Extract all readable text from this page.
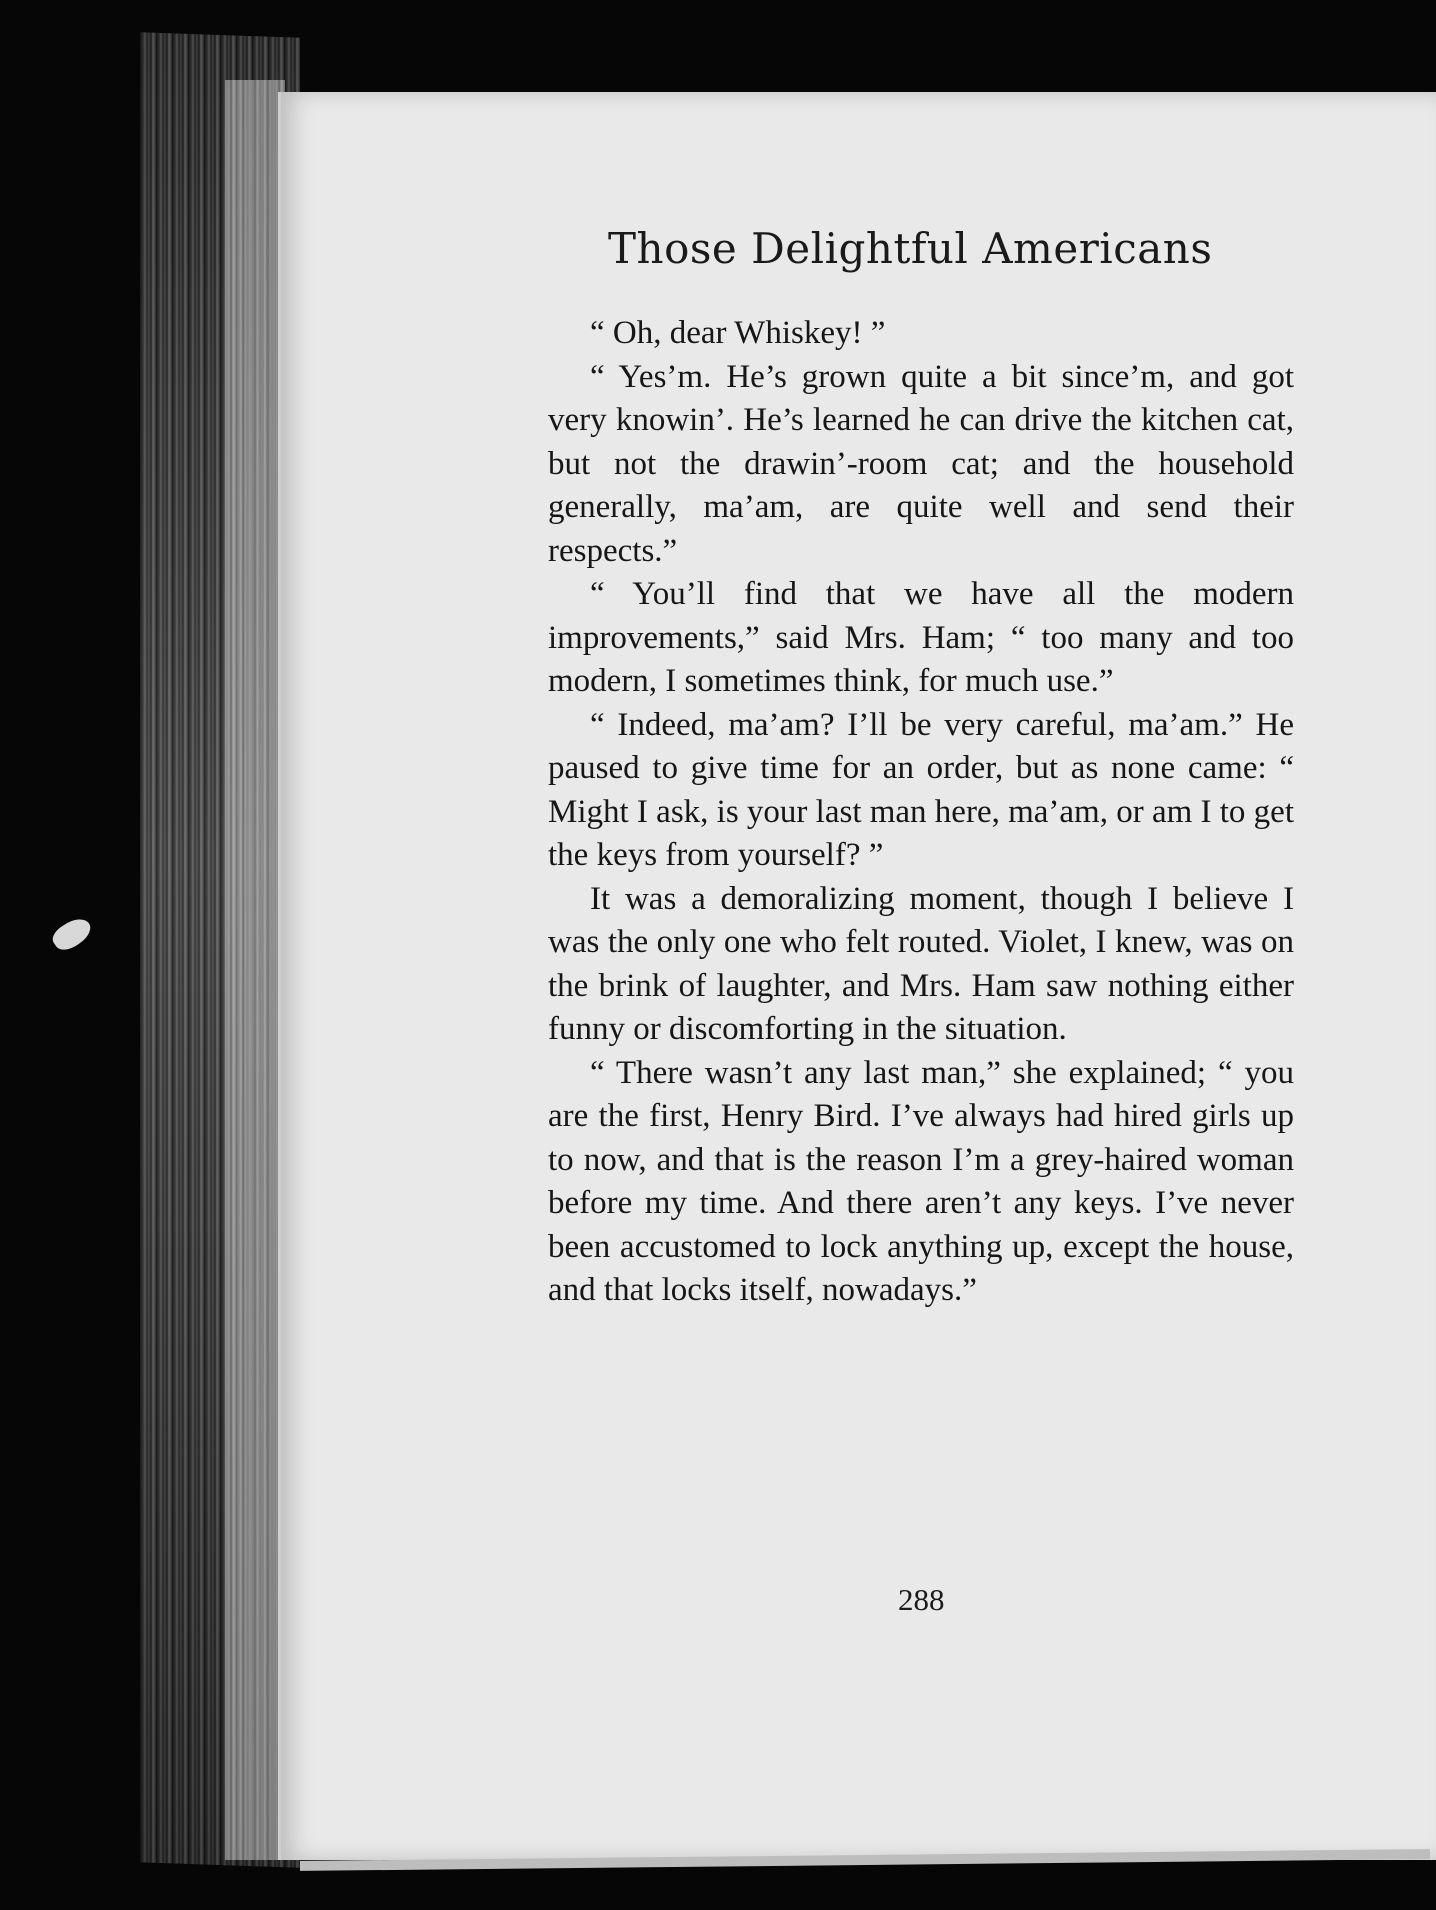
Those Delightful Americans

“ Oh, dear Whiskey! ”

“ Yes’m. He’s grown quite a bit since’m, and got very knowin’. He’s learned he can drive the kitchen cat, but not the drawin’-room cat; and the household generally, ma’am, are quite well and send their respects.”

“ You’ll find that we have all the modern improvements,” said Mrs. Ham; “ too many and too modern, I sometimes think, for much use.”

“ Indeed, ma’am? I’ll be very careful, ma’am.” He paused to give time for an order, but as none came: “ Might I ask, is your last man here, ma’am, or am I to get the keys from yourself? ”

It was a demoralizing moment, though I believe I was the only one who felt routed. Violet, I knew, was on the brink of laughter, and Mrs. Ham saw nothing either funny or discomforting in the situation.

“ There wasn’t any last man,” she explained; “ you are the first, Henry Bird. I’ve always had hired girls up to now, and that is the reason I’m a grey-haired woman before my time. And there aren’t any keys. I’ve never been accustomed to lock anything up, except the house, and that locks itself, nowadays.”

288
